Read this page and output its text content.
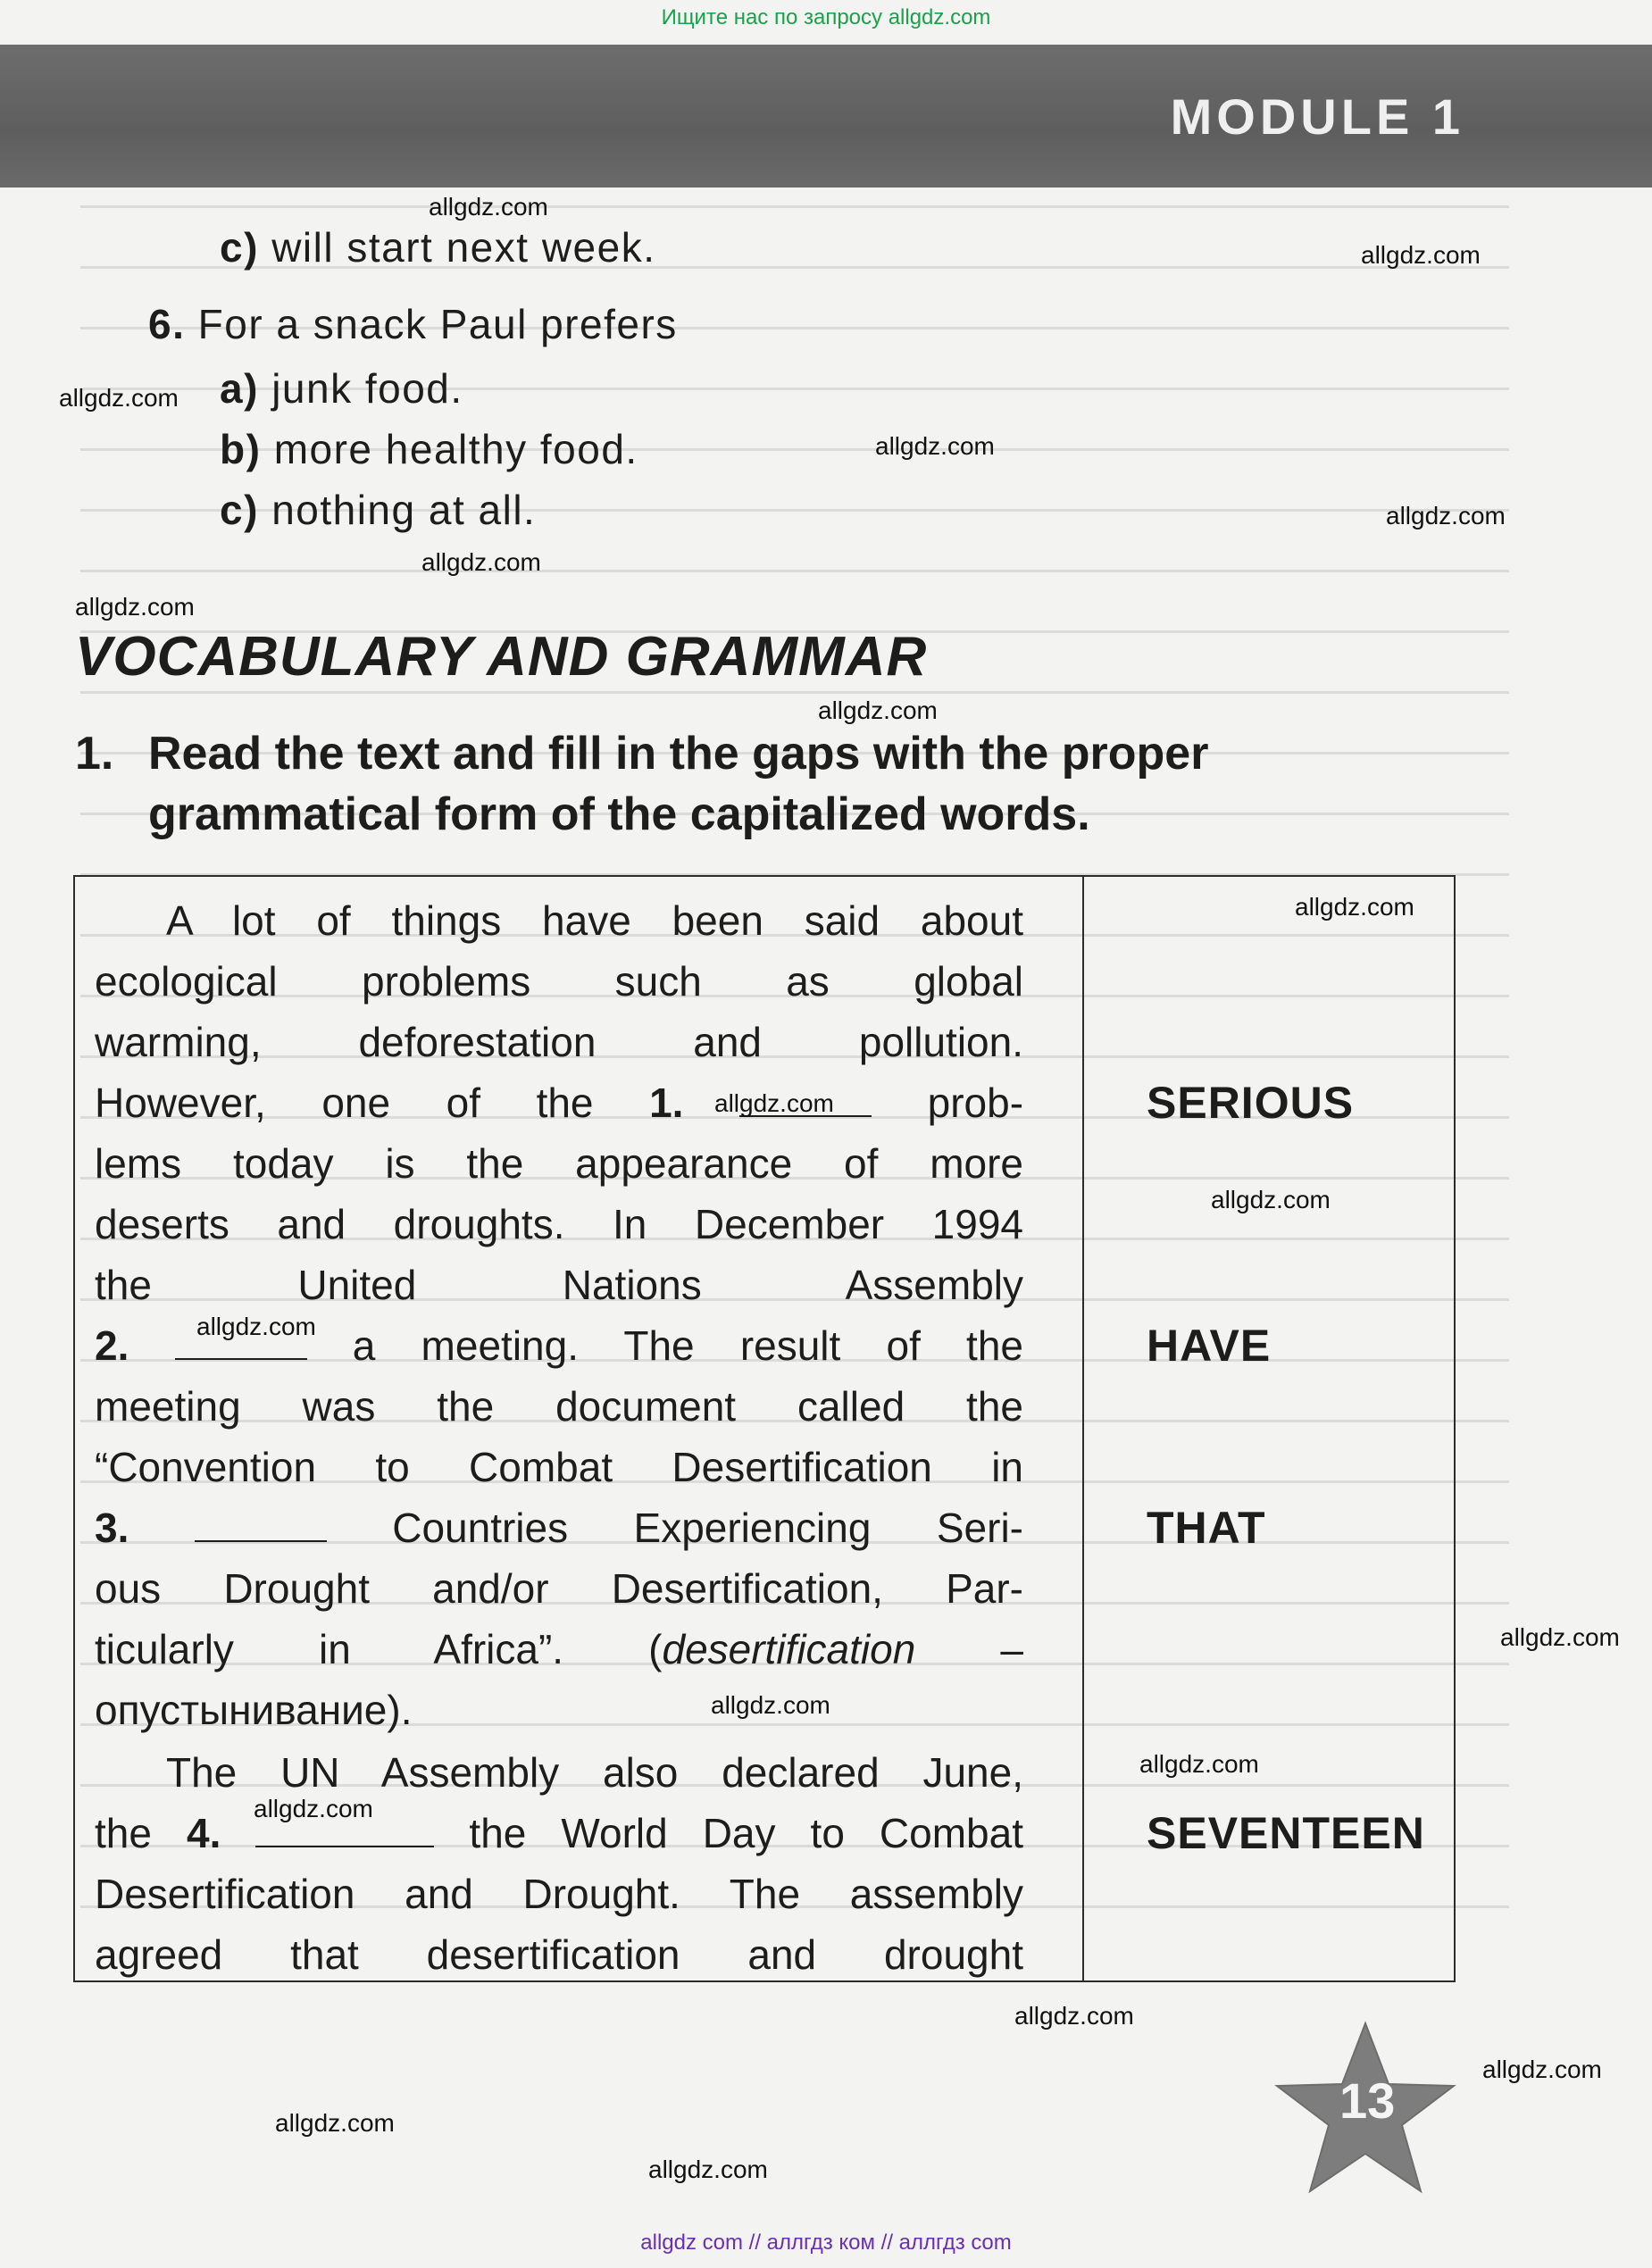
Ищите нас по запросу allgdz.com
MODULE 1
c) will start next week.
6. For a snack Paul prefers
a) junk food.
b) more healthy food.
c) nothing at all.
VOCABULARY AND GRAMMAR
1. Read the text and fill in the gaps with the proper
grammatical form of the capitalized words.
A lot of things have been said about
ecological problems such as global
warming, deforestation and pollution.
However, one of the 1.	prob-
lems today is the appearance of more
deserts and droughts. In December 1994
the United Nations Assembly
2.	a meeting. The result of the
meeting was the document called the
“Convention to Combat Desertification in
3.	Countries Experiencing Seri-
ous Drought and/or Desertification, Par-
ticularly in Africa”. (desertification –
опустынивание).
The UN Assembly also declared June,
the 4.	the World Day to Combat
Desertification and Drought. The assembly
agreed that desertification and drought
SERIOUS
HAVE
THAT
SEVENTEEN
13
allgdz.com
allgdz.com
allgdz.com
allgdz.com
allgdz.com
allgdz.com
allgdz.com
allgdz.com
allgdz.com
allgdz.com
allgdz.com
allgdz.com
allgdz.com
allgdz.com
allgdz.com
allgdz.com
allgdz.com
allgdz.com
allgdz.com
allgdz.com
allgdz com // аллгдз ком // аллгдз com
